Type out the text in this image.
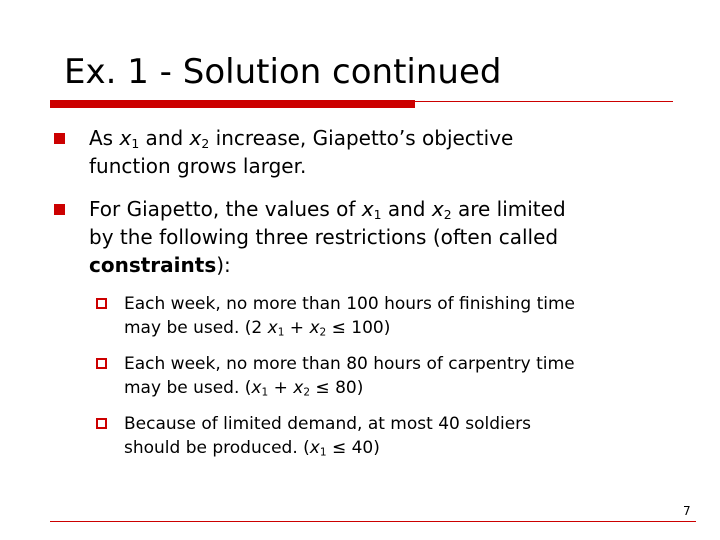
Ex. 1 - Solution continued
As $x_1$ and $x_2$ increase, Giapetto’s objective
function grows larger.
For Giapetto, the values of $x_1$ and $x_2$ are limited
by the following three restrictions (often called
constraints):
Each week, no more than 100 hours of finishing time
may be used. (2 $x_1 + x_2 \le 100$)
Each week, no more than 80 hours of carpentry time
may be used. $(x_1 + x_2 \le 80)$
Because of limited demand, at most 40 soldiers
should be produced. $(x_1 \le 40)$
7
